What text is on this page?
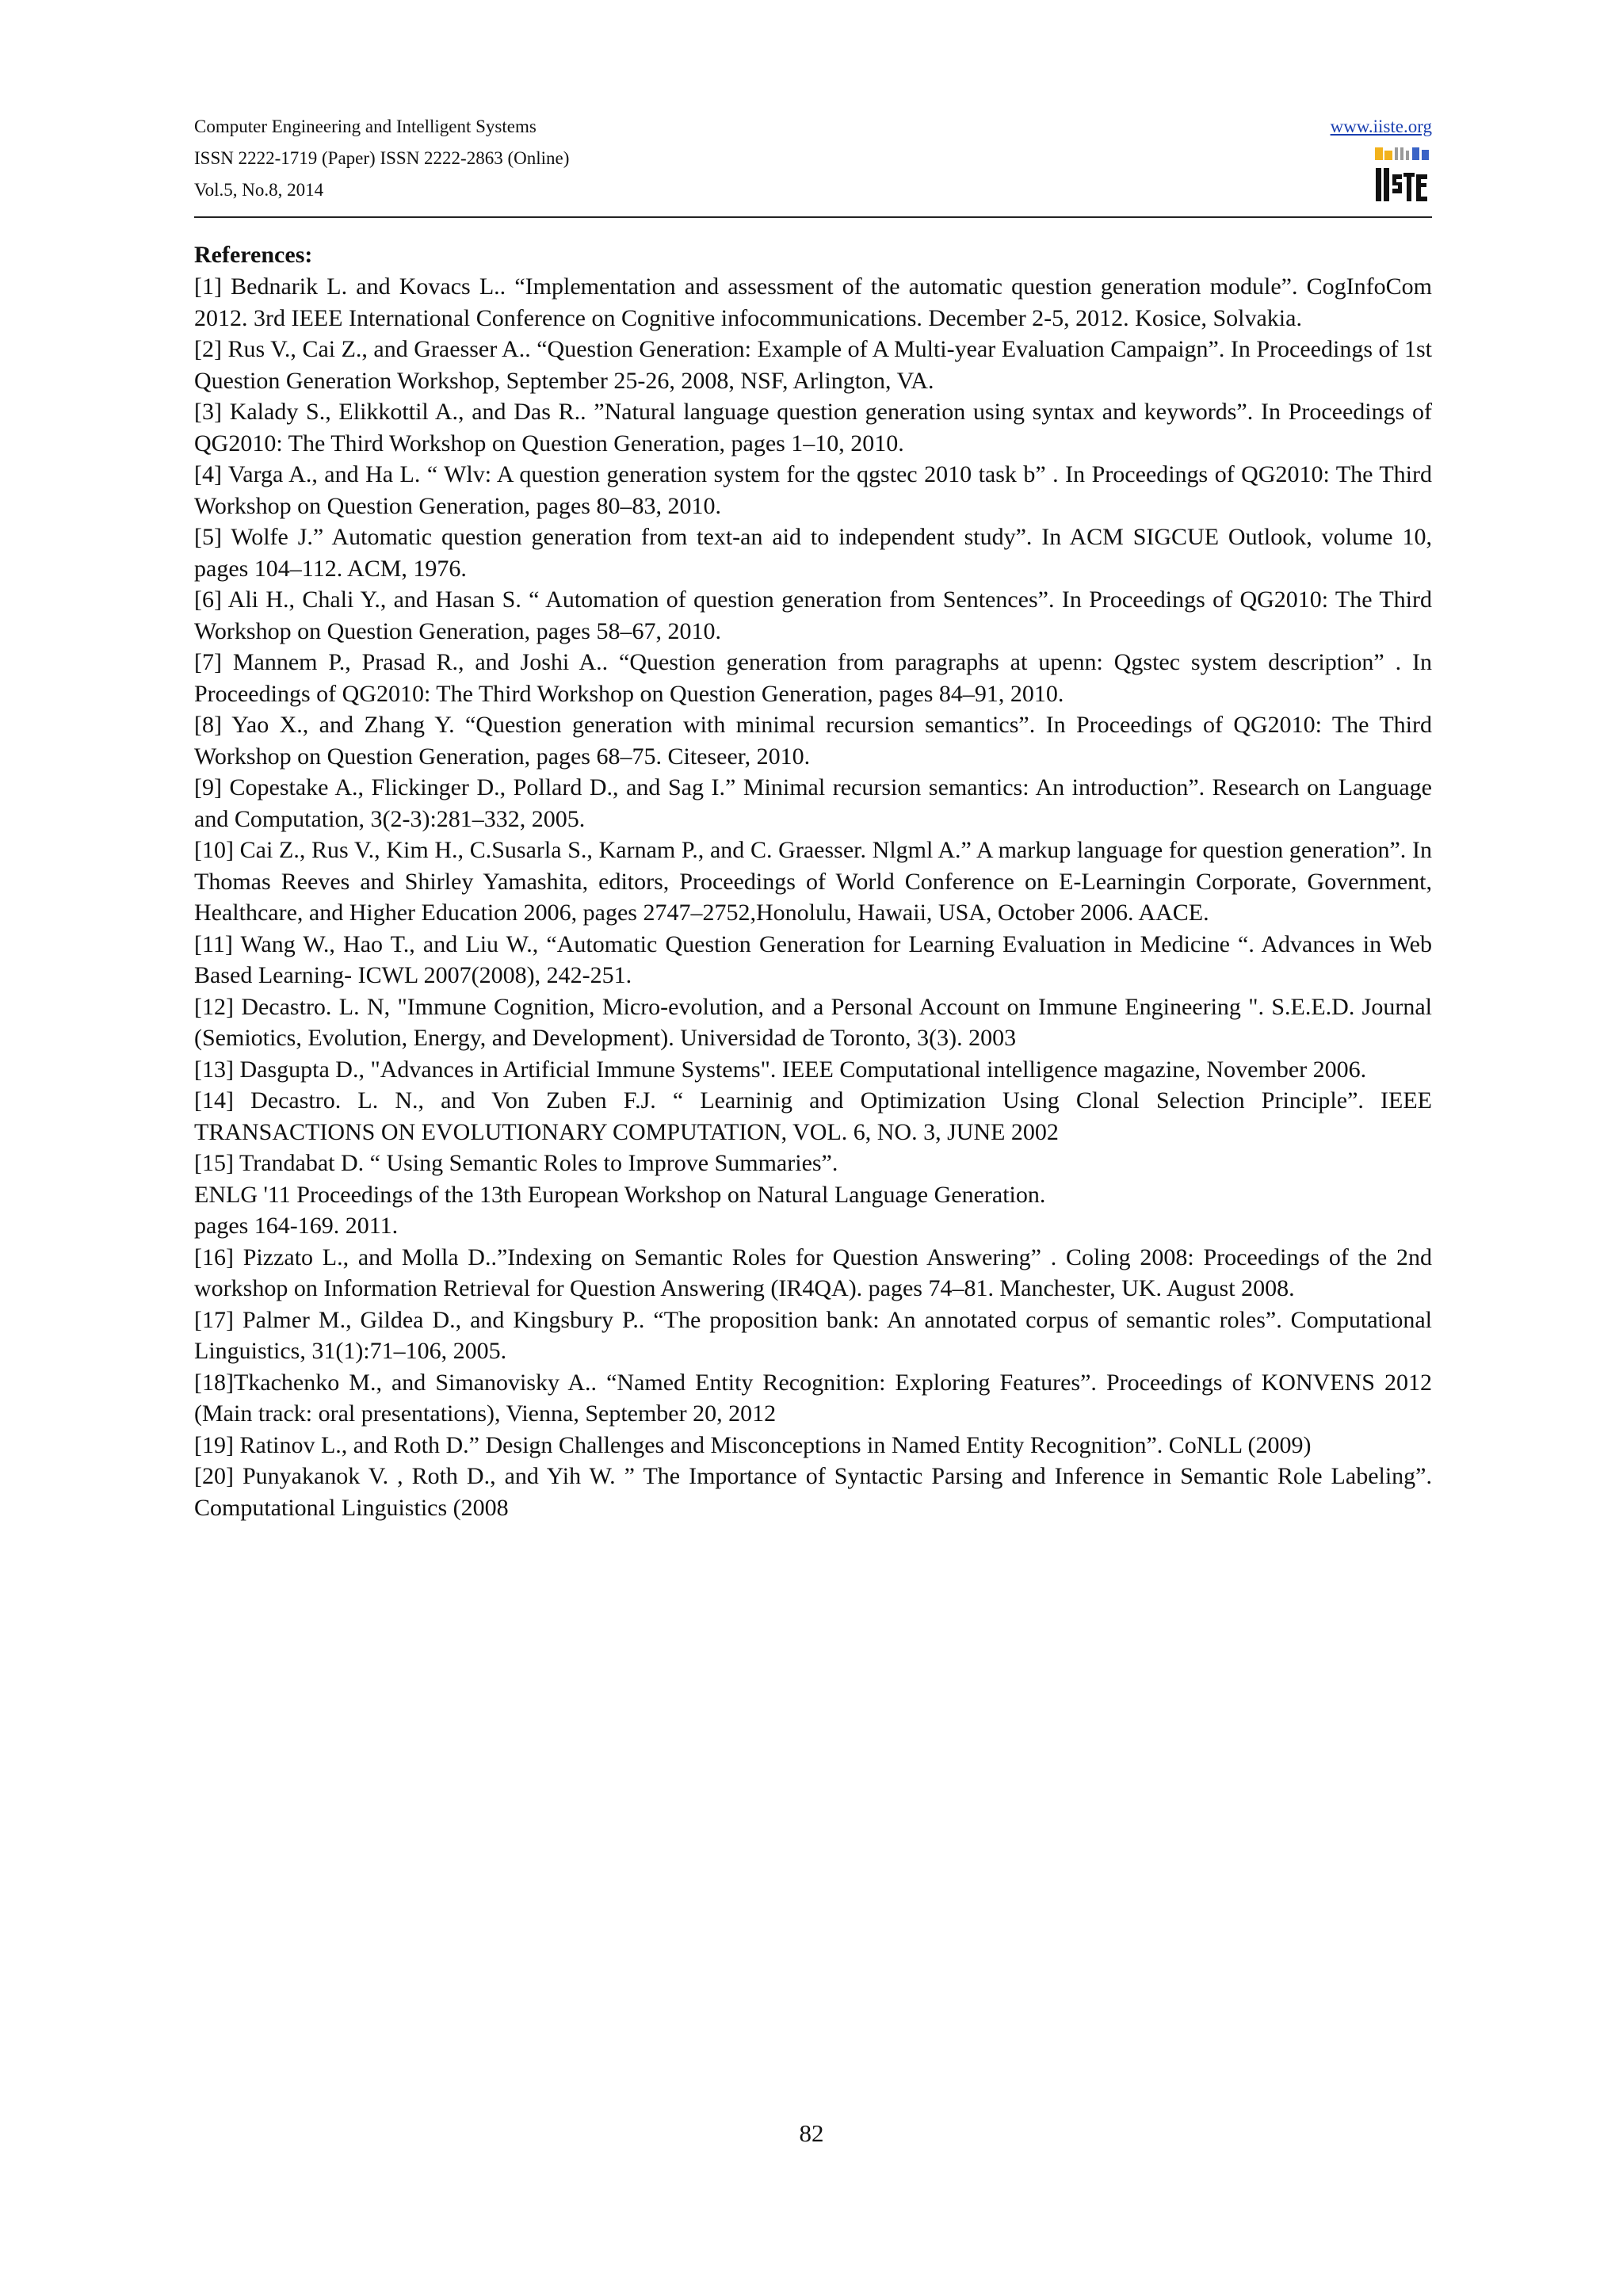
Computer Engineering and Intelligent Systems
ISSN 2222-1719 (Paper) ISSN 2222-2863 (Online)
Vol.5, No.8, 2014
www.iiste.org
References:
[1] Bednarik L. and Kovacs L.. “Implementation and assessment of the automatic question generation module”. CogInfoCom 2012. 3rd IEEE International Conference on Cognitive infocommunications. December 2-5, 2012. Kosice, Solvakia.
[2] Rus V., Cai Z., and Graesser A.. “Question Generation: Example of A Multi-year Evaluation Campaign”. In Proceedings of 1st Question Generation Workshop, September 25-26, 2008, NSF, Arlington, VA.
[3] Kalady S., Elikkottil A., and Das R.. ”Natural language question generation using syntax and keywords”. In Proceedings of QG2010: The Third Workshop on Question Generation, pages 1–10, 2010.
[4] Varga A., and Ha L. “ Wlv: A question generation system for the qgstec 2010 task b” . In Proceedings of QG2010: The Third Workshop on Question Generation, pages 80–83, 2010.
[5] Wolfe J.” Automatic question generation from text-an aid to independent study”. In ACM SIGCUE Outlook, volume 10, pages 104–112. ACM, 1976.
[6] Ali H., Chali Y., and Hasan S. “ Automation of question generation from Sentences”. In Proceedings of QG2010: The Third Workshop on Question Generation, pages 58–67, 2010.
[7] Mannem P., Prasad R., and Joshi A.. “Question generation from paragraphs at upenn: Qgstec system description” . In Proceedings of QG2010: The Third Workshop on Question Generation, pages 84–91, 2010.
[8] Yao X., and Zhang Y. “Question generation with minimal recursion semantics”. In Proceedings of QG2010: The Third Workshop on Question Generation, pages 68–75. Citeseer, 2010.
[9] Copestake A., Flickinger D., Pollard D., and Sag I.” Minimal recursion semantics: An introduction”. Research on Language and Computation, 3(2-3):281–332, 2005.
[10] Cai Z., Rus V., Kim H., C.Susarla S., Karnam P., and C. Graesser. Nlgml A.” A markup language for question generation”. In Thomas Reeves and Shirley Yamashita, editors, Proceedings of World Conference on E-Learningin Corporate, Government, Healthcare, and Higher Education 2006, pages 2747–2752,Honolulu, Hawaii, USA, October 2006. AACE.
[11] Wang W., Hao T., and Liu W., “Automatic Question Generation for Learning Evaluation in Medicine “. Advances in Web Based Learning- ICWL 2007(2008), 242-251.
[12] Decastro. L. N, "Immune Cognition, Micro-evolution, and a Personal Account on Immune Engineering ". S.E.E.D. Journal (Semiotics, Evolution, Energy, and Development). Universidad de Toronto, 3(3). 2003
[13] Dasgupta D., "Advances in Artificial Immune Systems". IEEE Computational intelligence magazine, November 2006.
[14] Decastro. L. N., and Von Zuben F.J. “ Learninig and Optimization Using Clonal Selection Principle”. IEEE TRANSACTIONS ON EVOLUTIONARY COMPUTATION, VOL. 6, NO. 3, JUNE 2002
[15] Trandabat D. “ Using Semantic Roles to Improve Summaries”.
ENLG '11 Proceedings of the 13th European Workshop on Natural Language Generation.
pages 164-169. 2011.
[16] Pizzato L., and Molla D..”Indexing on Semantic Roles for Question Answering” . Coling 2008: Proceedings of the 2nd workshop on Information Retrieval for Question Answering (IR4QA). pages 74–81. Manchester, UK. August 2008.
[17] Palmer M., Gildea D., and Kingsbury P.. “The proposition bank: An annotated corpus of semantic roles”. Computational Linguistics, 31(1):71–106, 2005.
[18]Tkachenko M., and Simanovisky A.. “Named Entity Recognition: Exploring Features”. Proceedings of KONVENS 2012 (Main track: oral presentations), Vienna, September 20, 2012
[19] Ratinov L., and Roth D.” Design Challenges and Misconceptions in Named Entity Recognition”. CoNLL (2009)
[20] Punyakanok V. , Roth D., and Yih W. ” The Importance of Syntactic Parsing and Inference in Semantic Role Labeling”. Computational Linguistics (2008
82
